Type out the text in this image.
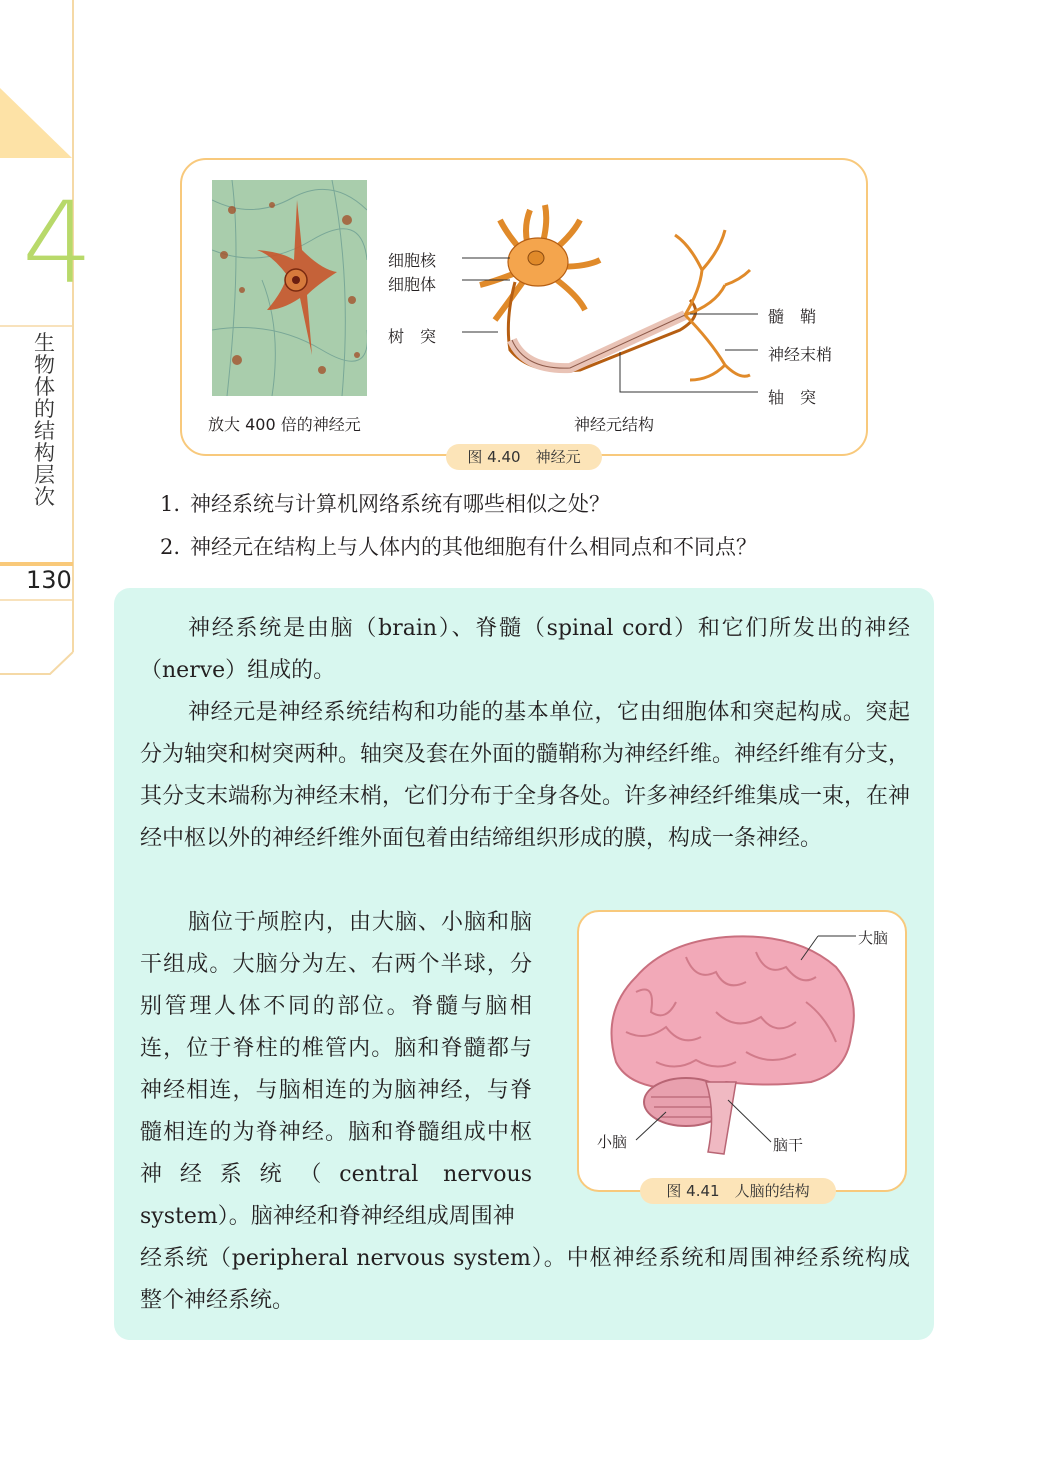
4
生物体的结构层次
130
放大 400 倍的神经元
细胞核
细胞体
树　突
髓　鞘
神经末梢
轴　突
神经元结构
图 4.40　神经元
1. 神经系统与计算机网络系统有哪些相似之处？
2. 神经元在结构上与人体内的其他细胞有什么相同点和不同点？
神经系统是由脑（brain）、脊髓（spinal cord）和它们所发出的神经（nerve）组成的。
神经元是神经系统结构和功能的基本单位，它由细胞体和突起构成。突起分为轴突和树突两种。轴突及套在外面的髓鞘称为神经纤维。神经纤维有分支，其分支末端称为神经末梢，它们分布于全身各处。许多神经纤维集成一束，在神经中枢以外的神经纤维外面包着由结缔组织形成的膜，构成一条神经。
脑位于颅腔内，由大脑、小脑和脑干组成。大脑分为左、右两个半球，分别管理人体不同的部位。脊髓与脑相连，位于脊柱的椎管内。脑和脊髓都与神经相连，与脑相连的为脑神经，与脊髓相连的为脊神经。脑和脊髓组成中枢神经系统（central nervous system）。脑神经和脊神经组成周围神
经系统（peripheral nervous system）。中枢神经系统和周围神经系统构成整个神经系统。
大脑
小脑	脑干
图 4.41　人脑的结构
